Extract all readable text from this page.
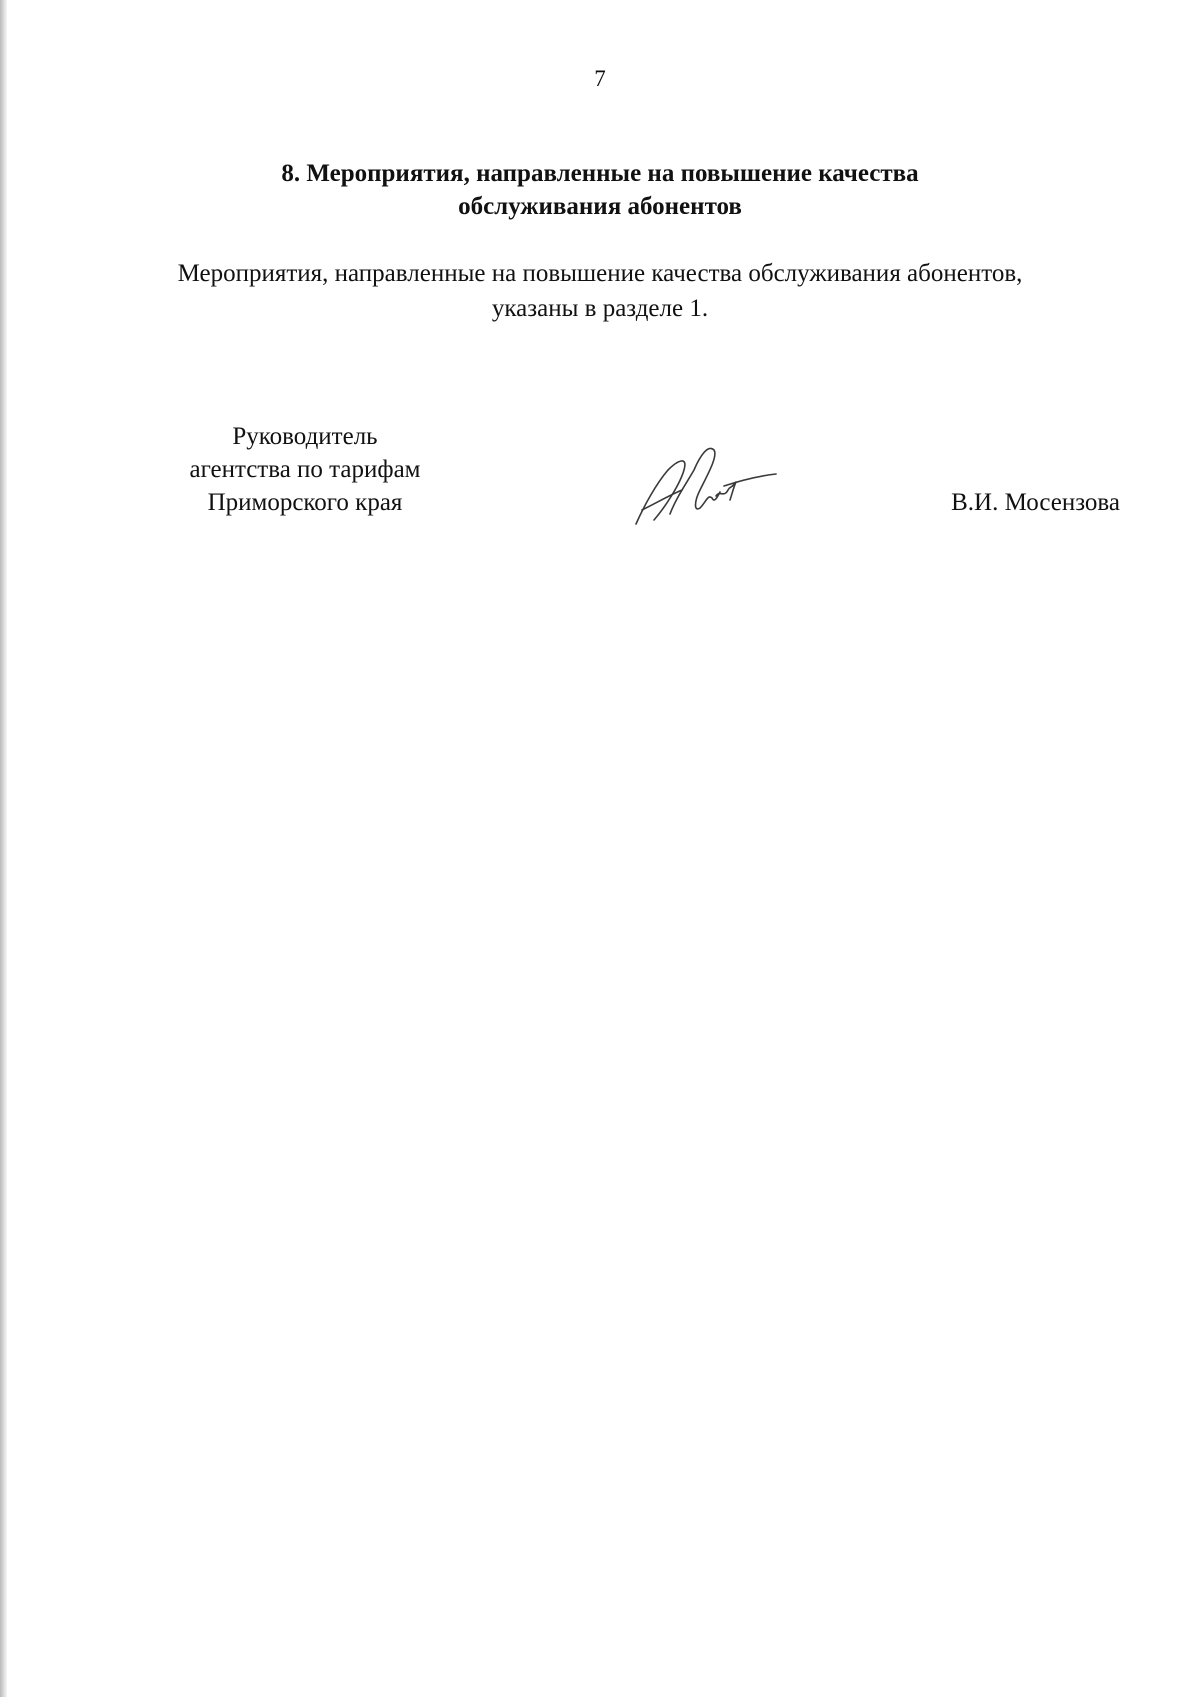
7
8. Мероприятия, направленные на повышение качества
обслуживания абонентов
Мероприятия, направленные на повышение качества обслуживания абонентов,
указаны в разделе 1.
Руководитель
агентства по тарифам
Приморского края	В.И. Мосензова
